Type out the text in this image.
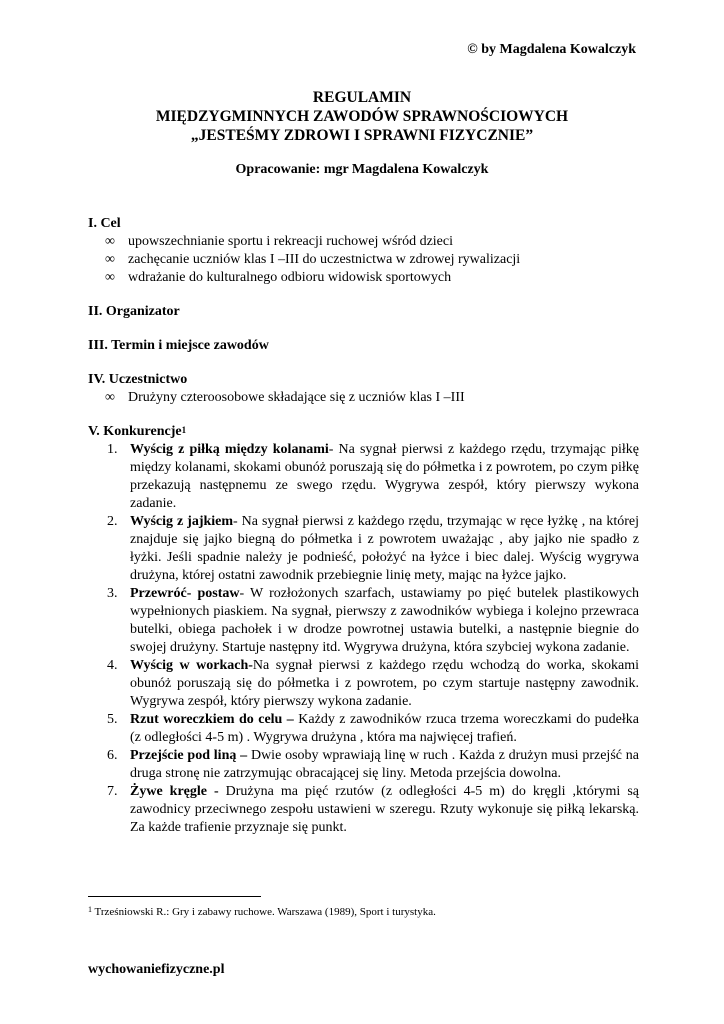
© by Magdalena Kowalczyk
REGULAMIN
MIĘDZYGMINNYCH ZAWODÓW SPRAWNOŚCIOWYCH
„JESTEŚMY ZDROWI I SPRAWNI FIZYCZNIE”
Opracowanie: mgr Magdalena Kowalczyk

I. Cel

∞ upowszechnianie sportu i rekreacji ruchowej wśród dzieci
∞ zachęcanie uczniów klas I –III do uczestnictwa w zdrowej rywalizacji
∞ wdrażanie do kulturalnego odbioru widowisk sportowych

II. Organizator

III. Termin i miejsce zawodów

IV. Uczestnictwo

∞ Drużyny czteroosobowe składające się z uczniów klas I –III

V. Konkurencje$^1$

1. Wyścig z piłką między kolanami- Na sygnał pierwsi z każdego rzędu, trzymając piłkę między kolanami, skokami obunóż poruszają się do półmetka i z powrotem, po czym piłkę przekazują następnemu ze swego rzędu. Wygrywa zespół, który pierwszy wykona zadanie.
2. Wyścig z jajkiem- Na sygnał pierwsi z każdego rzędu, trzymając w ręce łyżkę , na której znajduje się jajko biegną do półmetka i z powrotem uważając , aby jajko nie spadło z łyżki. Jeśli spadnie należy je podnieść, położyć na łyżce i biec dalej. Wyścig wygrywa drużyna, której ostatni zawodnik przebiegnie linię mety, mając na łyżce jajko.
3. Przewróć- postaw- W rozłożonych szarfach, ustawiamy po pięć butelek plastikowych wypełnionych piaskiem. Na sygnał, pierwszy z zawodników wybiega i kolejno przewraca butelki, obiega pachołek i w drodze powrotnej ustawia butelki, a następnie biegnie do swojej drużyny. Startuje następny itd. Wygrywa drużyna, która szybciej wykona zadanie.
4. Wyścig w workach-Na sygnał pierwsi z każdego rzędu wchodzą do worka, skokami obunóż poruszają się do półmetka i z powrotem, po czym startuje następny zawodnik. Wygrywa zespół, który pierwszy wykona zadanie.
5. Rzut woreczkiem do celu – Każdy z zawodników rzuca trzema woreczkami do pudełka (z odległości 4-5 m) . Wygrywa drużyna , która ma najwięcej trafień.
6. Przejście pod liną – Dwie osoby wprawiają linę w ruch . Każda z drużyn musi przejść na druga stronę nie zatrzymując obracającej się liny. Metoda przejścia dowolna.
7. Żywe kręgle - Drużyna ma pięć rzutów (z odległości 4-5 m) do kręgli ,którymi są zawodnicy przeciwnego zespołu ustawieni w szeregu. Rzuty wykonuje się piłką lekarską. Za każde trafienie przyznaje się punkt.
$^1$ Trześniowski R.: Gry i zabawy ruchowe. Warszawa (1989), Sport i turystyka.
wychowaniefizyczne.pl
